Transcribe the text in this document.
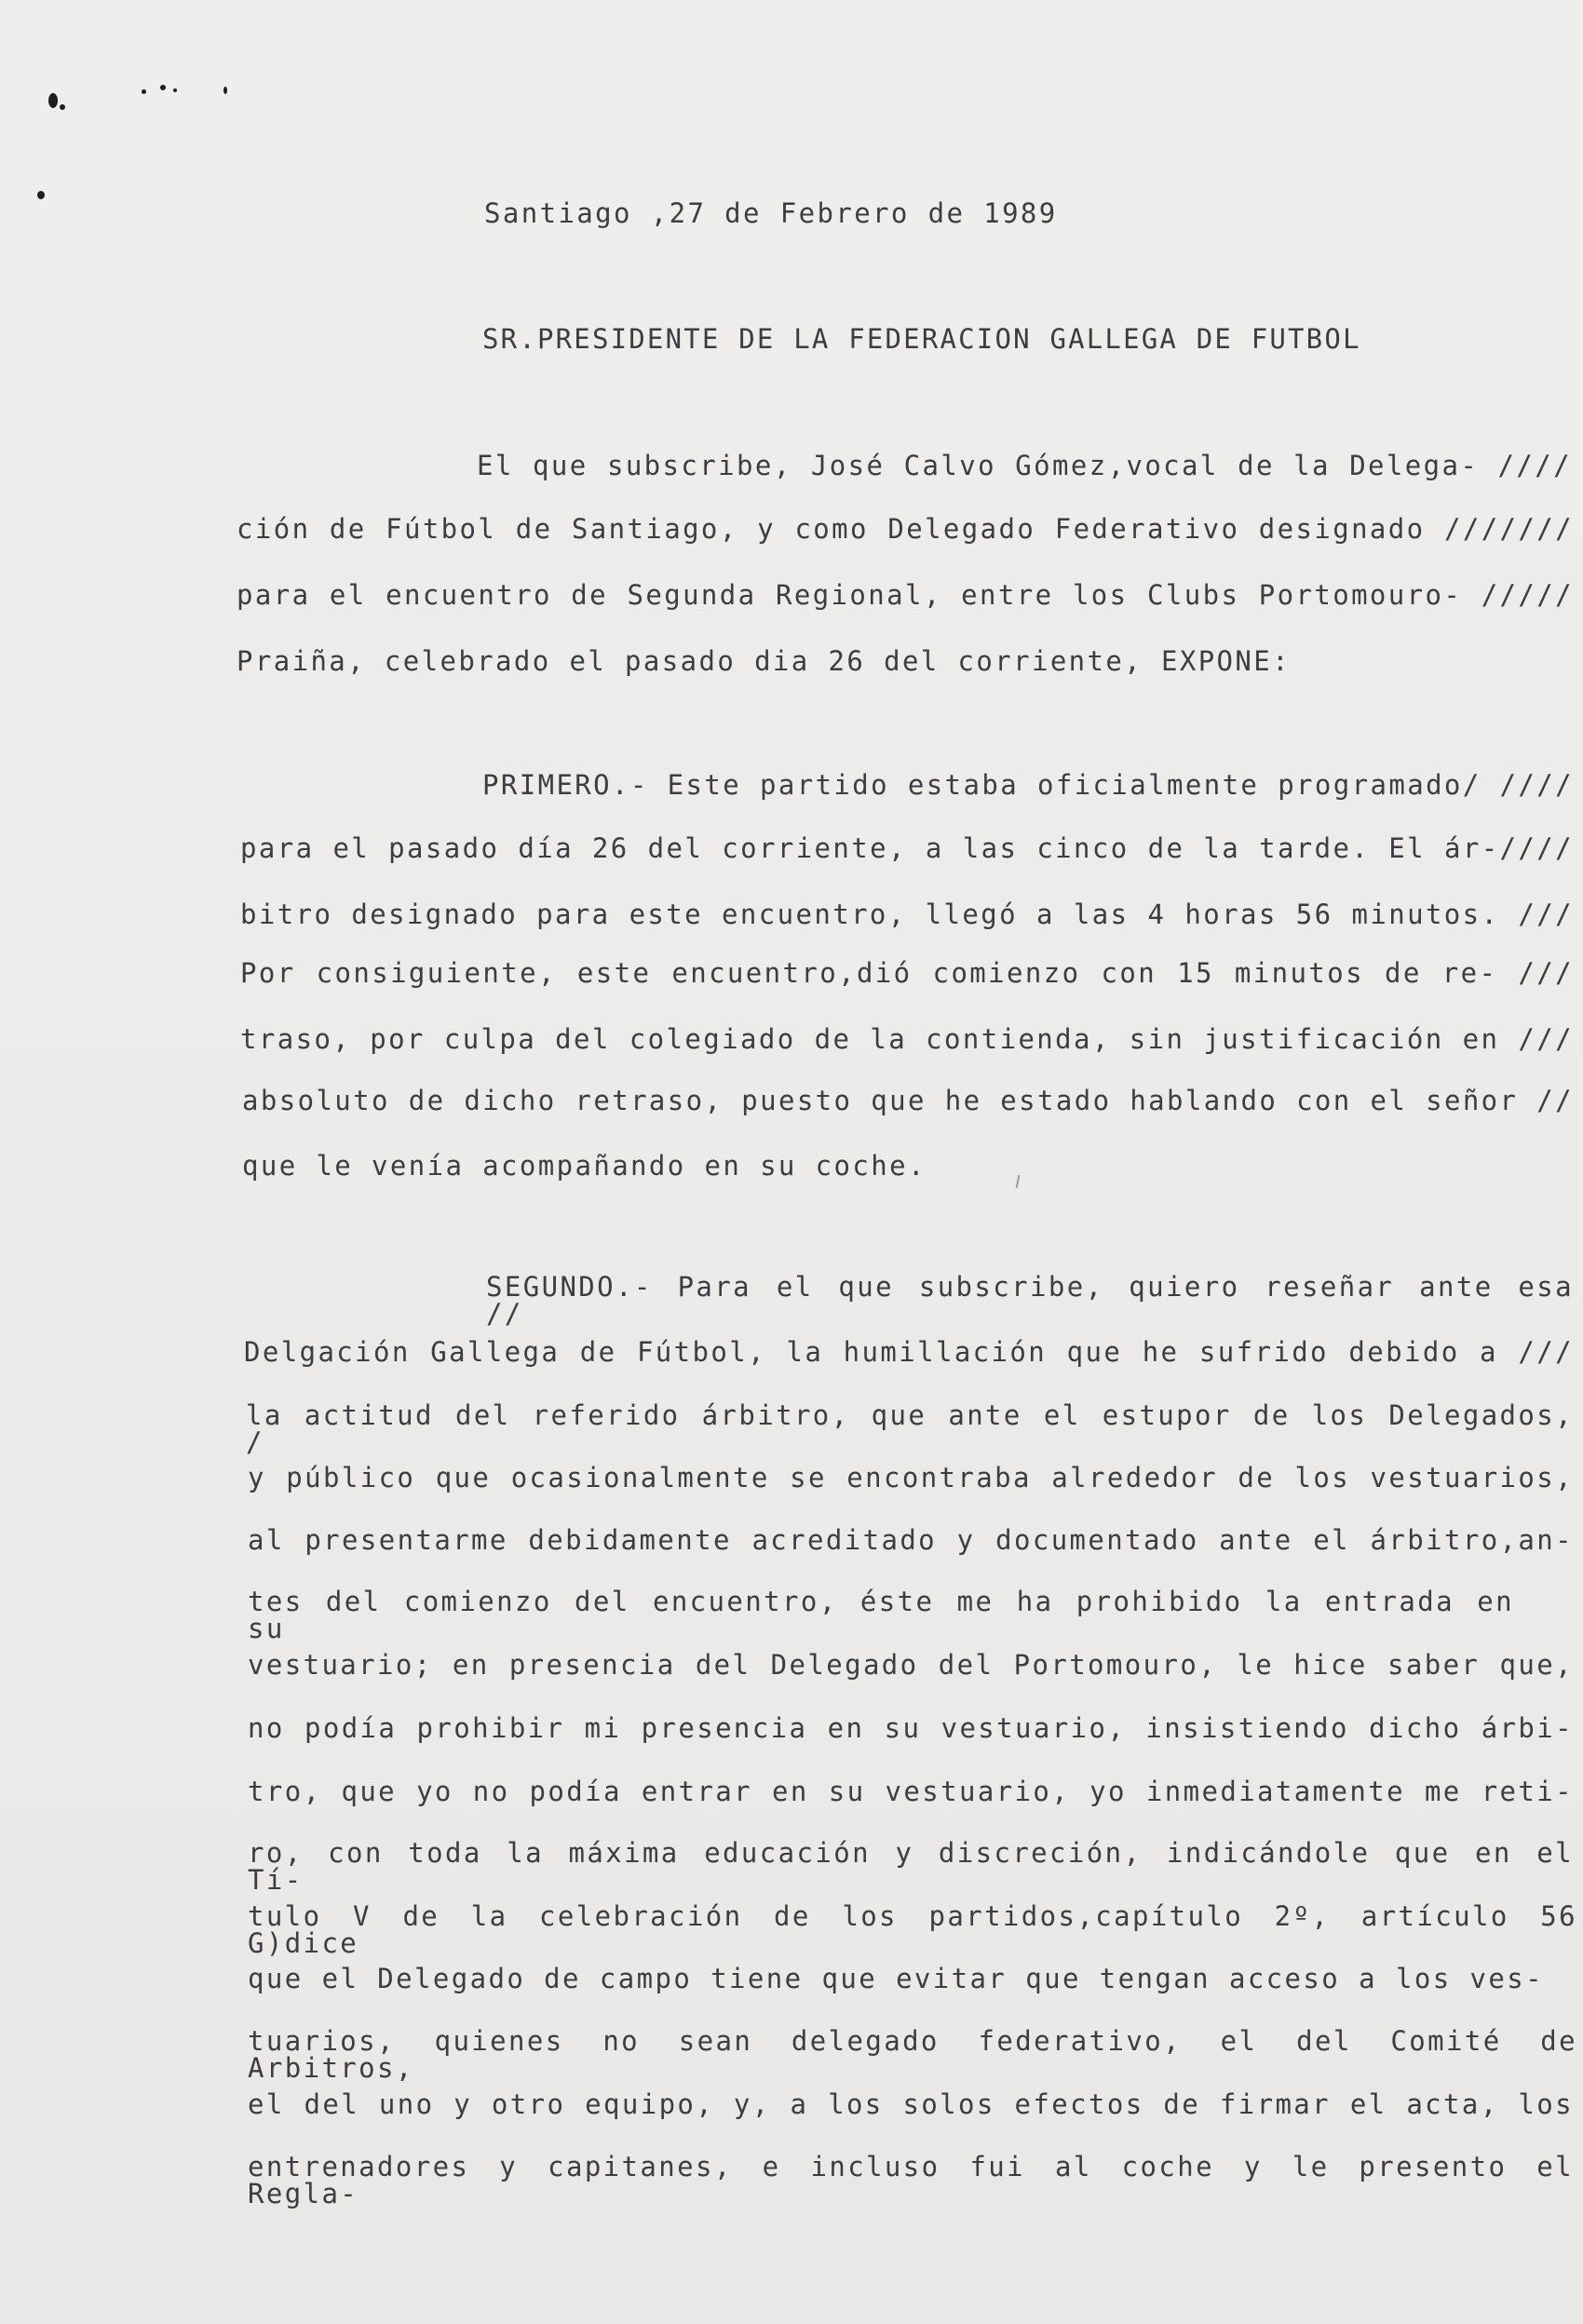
Santiago ,27 de Febrero de 1989
SR.PRESIDENTE DE LA FEDERACION GALLEGA DE FUTBOL
El que subscribe, José Calvo Gómez,vocal de la Delega- ////
ción de Fútbol de Santiago, y como Delegado Federativo designado ///////
para el encuentro de Segunda Regional, entre los Clubs Portomouro- /////
Praiña, celebrado el pasado dia 26 del corriente, EXPONE:
PRIMERO.- Este partido estaba oficialmente programado/ ////
para el pasado día 26 del corriente, a las cinco de la tarde. El ár-////
bitro designado para este encuentro, llegó a las 4 horas 56 minutos. ///
Por consiguiente, este encuentro,dió comienzo con 15 minutos de re- ///
traso, por culpa del colegiado de la contienda, sin justificación en ///
absoluto de dicho retraso, puesto que he estado hablando con el señor //
que le venía acompañando en su coche.
SEGUNDO.- Para el que subscribe, quiero reseñar ante esa //
Delgación Gallega de Fútbol, la humillación que he sufrido debido a ///
la actitud del referido árbitro, que ante el estupor de los Delegados, /
y público que ocasionalmente se encontraba alrededor de los vestuarios,
al presentarme debidamente acreditado y documentado ante el árbitro,an-
tes del comienzo del encuentro, éste me ha prohibido la entrada en su
vestuario; en presencia del Delegado del Portomouro, le hice saber que,
no podía prohibir mi presencia en su vestuario, insistiendo dicho árbi-
tro, que yo no podía entrar en su vestuario, yo inmediatamente me reti-
ro, con toda la máxima educación y discreción, indicándole que en el Tí-
tulo V de la celebración de los partidos,capítulo 2º, artículo 56 G)dice
que el Delegado de campo tiene que evitar que tengan acceso a los ves-
tuarios, quienes no sean delegado federativo, el del Comité de Arbitros,
el del uno y otro equipo, y, a los solos efectos de firmar el acta, los
entrenadores y capitanes, e incluso fui al coche y le presento el Regla-
